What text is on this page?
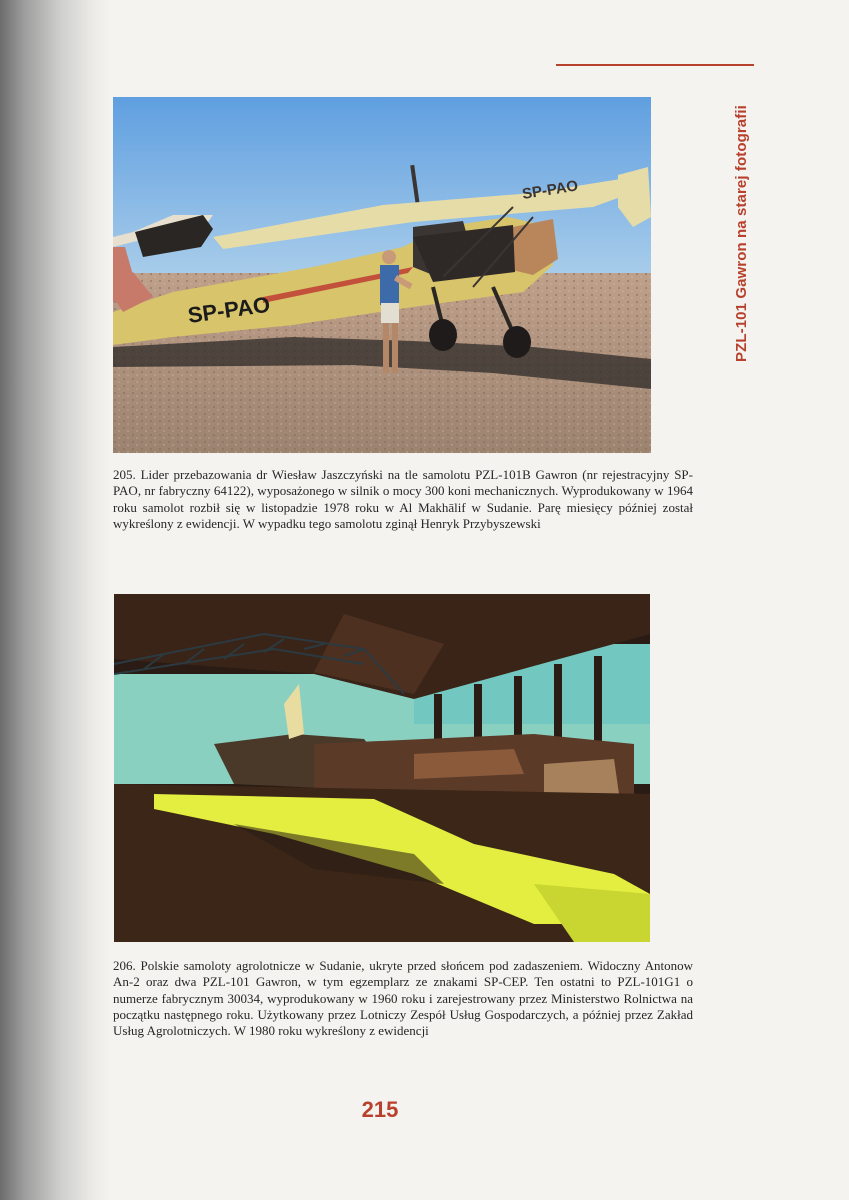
PZL-101 Gawron na starej fotografii
SP-PAO
SP-PAO
205. Lider przebazowania dr Wiesław Jaszczyński na tle samolotu PZL-101B Gawron (nr rejestracyjny SP-PAO, nr fabryczny 64122), wyposażonego w silnik o mocy 300 koni mechanicznych. Wyprodukowany w 1964 roku samolot rozbił się w listopadzie 1978 roku w Al Makhālif w Sudanie. Parę miesięcy później został wykreślony z ewidencji. W wypadku tego samolotu zginął Henryk Przybyszewski
206. Polskie samoloty agrolotnicze w Sudanie, ukryte przed słońcem pod zadaszeniem. Widoczny Antonow An-2 oraz dwa PZL-101 Gawron, w tym egzemplarz ze znakami SP-CEP. Ten ostatni to PZL-101G1 o numerze fabrycznym 30034, wyprodukowany w 1960 roku i zarejestrowany przez Ministerstwo Rolnictwa na początku następnego roku. Użytkowany przez Lotniczy Zespół Usług Gospodarczych, a później przez Zakład Usług Agrolotniczych. W 1980 roku wykreślony z ewidencji
215
